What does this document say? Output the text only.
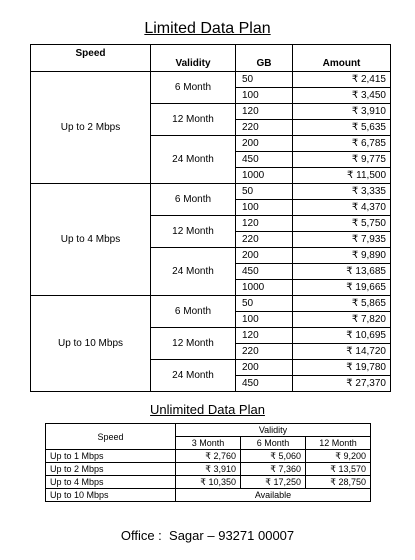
Limited Data Plan
Speed	Validity	GB	Amount
Up to 2 Mbps	6 Month	50	₹ 2,415
		100	₹ 3,450
	12 Month	120	₹ 3,910
		220	₹ 5,635
	24 Month	200	₹ 6,785
		450	₹ 9,775
		1000	₹ 11,500
Up to 4 Mbps	6 Month	50	₹ 3,335
		100	₹ 4,370
	12 Month	120	₹ 5,750
		220	₹ 7,935
	24 Month	200	₹ 9,890
		450	₹ 13,685
		1000	₹ 19,665
Up to 10 Mbps	6 Month	50	₹ 5,865
		100	₹ 7,820
	12 Month	120	₹ 10,695
		220	₹ 14,720
	24 Month	200	₹ 19,780
		450	₹ 27,370
Unlimited Data Plan
Speed	Validity		
	3 Month	6 Month	12 Month
Up to 1 Mbps	₹ 2,760	₹ 5,060	₹ 9,200
Up to 2 Mbps	₹ 3,910	₹ 7,360	₹ 13,570
Up to 4 Mbps	₹ 10,350	₹ 17,250	₹ 28,750
Up to 10 Mbps	Available		
Office : Sagar – 93271 00007
